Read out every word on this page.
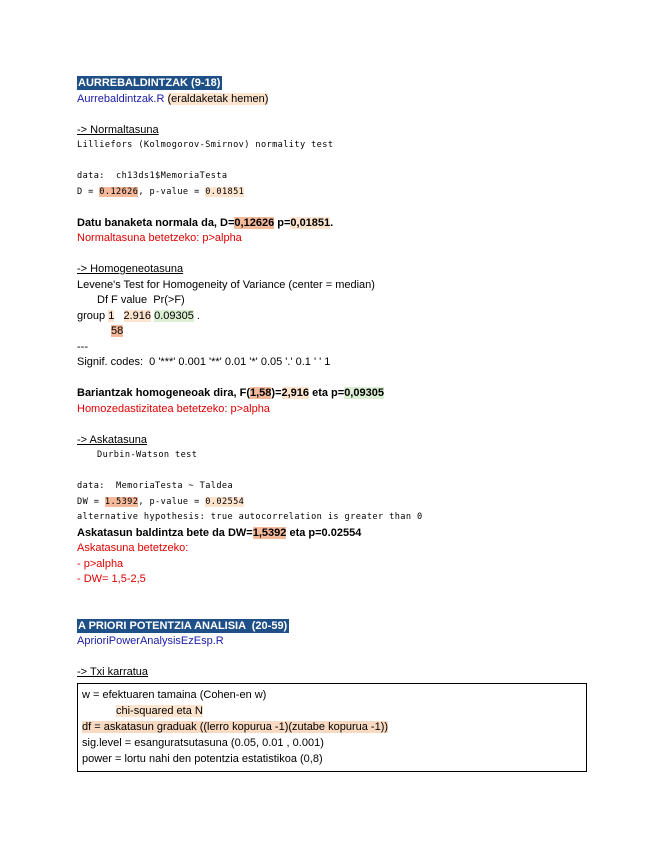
AURREBALDINTZAK (9-18)
Aurrebaldintzak.R (eraldaketak hemen)
-> Normaltasuna
Lilliefors (Kolmogorov-Smirnov) normality test
data:  ch13ds1$MemoriaTesta
D = 0.12626, p-value = 0.01851
Datu banaketa normala da, D=0,12626 p=0,01851.
Normaltasuna betetzeko: p>alpha
-> Homogeneotasuna
Levene's Test for Homogeneity of Variance (center = median)
Df F value  Pr(>F)
group 1 2.916 0.09305 .
58
---
Signif. codes:  0 '***' 0.001 '**' 0.01 '*' 0.05 '.' 0.1 ' ' 1
Bariantzak homogeneoak dira, F(1,58)=2,916 eta p=0,09305
Homozedastizitatea betetzeko: p>alpha
-> Askatasuna
Durbin-Watson test
data:  MemoriaTesta ~ Taldea
DW = 1.5392, p-value = 0.02554
alternative hypothesis: true autocorrelation is greater than 0
Askatasun baldintza bete da DW=1,5392 eta p=0.02554
Askatasuna betetzeko:
- p>alpha
- DW= 1,5-2,5
A PRIORI POTENTZIA ANALISIA  (20-59)
AprioriPowerAnalysisEzEsp.R
-> Txi karratua
w = efektuaren tamaina (Cohen-en w)
chi-squared eta N
df = askatasun graduak ((lerro kopurua -1)(zutabe kopurua -1))
sig.level = esanguratsutasuna (0.05, 0.01 , 0.001)
power = lortu nahi den potentzia estatistikoa (0,8)
